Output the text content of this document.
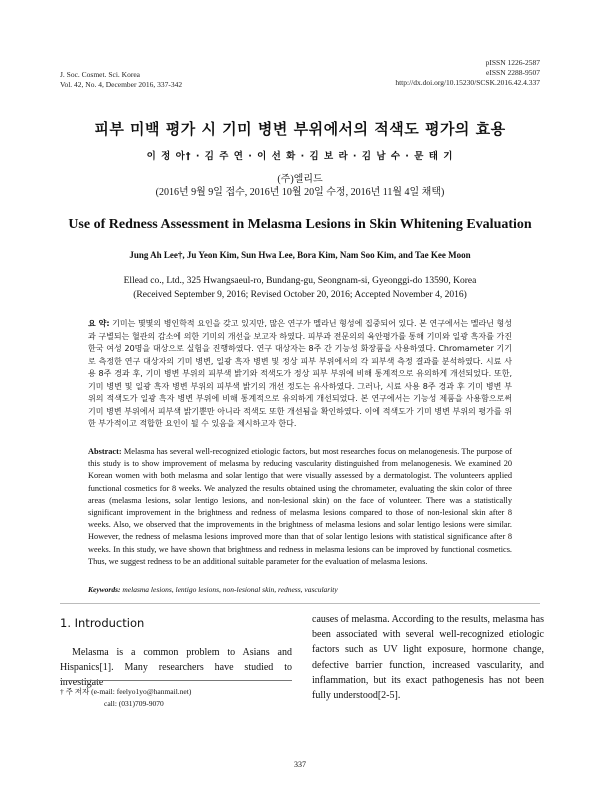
J. Soc. Cosmet. Sci. Korea
Vol. 42, No. 4, December 2016, 337-342
pISSN 1226-2587
eISSN 2288-9507
http://dx.doi.org/10.15230/SCSK.2016.42.4.337
피부 미백 평가 시 기미 병변 부위에서의 적색도 평가의 효용
이 정 아† · 김 주 연 · 이 선 화 · 김 보 라 · 김 남 수 · 문 태 기
(주)엘리드
(2016년 9월 9일 접수, 2016년 10월 20일 수정, 2016년 11월 4일 채택)
Use of Redness Assessment in Melasma Lesions in Skin Whitening Evaluation
Jung Ah Lee†, Ju Yeon Kim, Sun Hwa Lee, Bora Kim, Nam Soo Kim, and Tae Kee Moon
Ellead co., Ltd., 325 Hwangsaeul-ro, Bundang-gu, Seongnam-si, Gyeonggi-do 13590, Korea
(Received September 9, 2016; Revised October 20, 2016; Accepted November 4, 2016)
요 약: 기미는 몇몇의 병인학적 요인을 갖고 있지만, 많은 연구가 멜라닌 형성에 집중되어 있다. 본 연구에서는 멜라닌 형성과 구별되는 혈관의 감소에 의한 기미의 개선을 보고자 하였다. 피부과 전문의의 육안평가를 통해 기미와 일광 흑자를 가진 한국 여성 20명을 대상으로 실험을 진행하였다. 연구 대상자는 8주 간 기능성 화장품을 사용하였다. Chromameter 기기로 측정한 연구 대상자의 기미 병변, 일광 흑자 병변 및 정상 피부 부위에서의 각 피부색 측정 결과를 분석하였다. 시료 사용 8주 경과 후, 기미 병변 부위의 피부색 밝기와 적색도가 정상 피부 부위에 비해 통계적으로 유의하게 개선되었다. 또한, 기미 병변 및 일광 흑자 병변 부위의 피부색 밝기의 개선 정도는 유사하였다. 그러나, 시료 사용 8주 경과 후 기미 병변 부위의 적색도가 일광 흑자 병변 부위에 비해 통계적으로 유의하게 개선되었다. 본 연구에서는 기능성 제품을 사용함으로써 기미 병변 부위에서 피부색 밝기뿐만 아니라 적색도 또한 개선됨을 확인하였다. 이에 적색도가 기미 병변 부위의 평가를 위한 부가적이고 적합한 요인이 될 수 있음을 제시하고자 한다.
Abstract: Melasma has several well-recognized etiologic factors, but most researches focus on melanogenesis. The purpose of this study is to show improvement of melasma by reducing vascularity distinguished from melanogenesis. We examined 20 Korean women with both melasma and solar lentigo that were visually assessed by a dermatologist. The volunteers applied functional cosmetics for 8 weeks. We analyzed the results obtained using the chromameter, evaluating the skin color of three areas (melasma lesions, solar lentigo lesions, and non-lesional skin) on the face of volunteer. There was a statistically significant improvement in the brightness and redness of melasma lesions compared to those of non-lesional skin after 8 weeks. Also, we observed that the improvements in the brightness of melasma lesions and solar lentigo lesions were similar. However, the redness of melasma lesions improved more than that of solar lentigo lesions with statistical significance after 8 weeks. In this study, we have shown that brightness and redness in melasma lesions can be improved by functional cosmetics. Thus, we suggest redness to be an additional suitable parameter for the evaluation of melasma lesions.
Keywords: melasma lesions, lentigo lesions, non-lesional skin, redness, vascularity
1. Introduction
Melasma is a common problem to Asians and Hispanics[1]. Many researchers have studied to investigate
causes of melasma. According to the results, melasma has been associated with several well-recognized etiologic factors such as UV light exposure, hormone change, defective barrier function, increased vascularity, and inflammation, but its exact pathogenesis has not been fully understood[2-5].
† 주 저자 (e-mail: feelyo1yo@hanmail.net)
call: (031)709-9070
337
